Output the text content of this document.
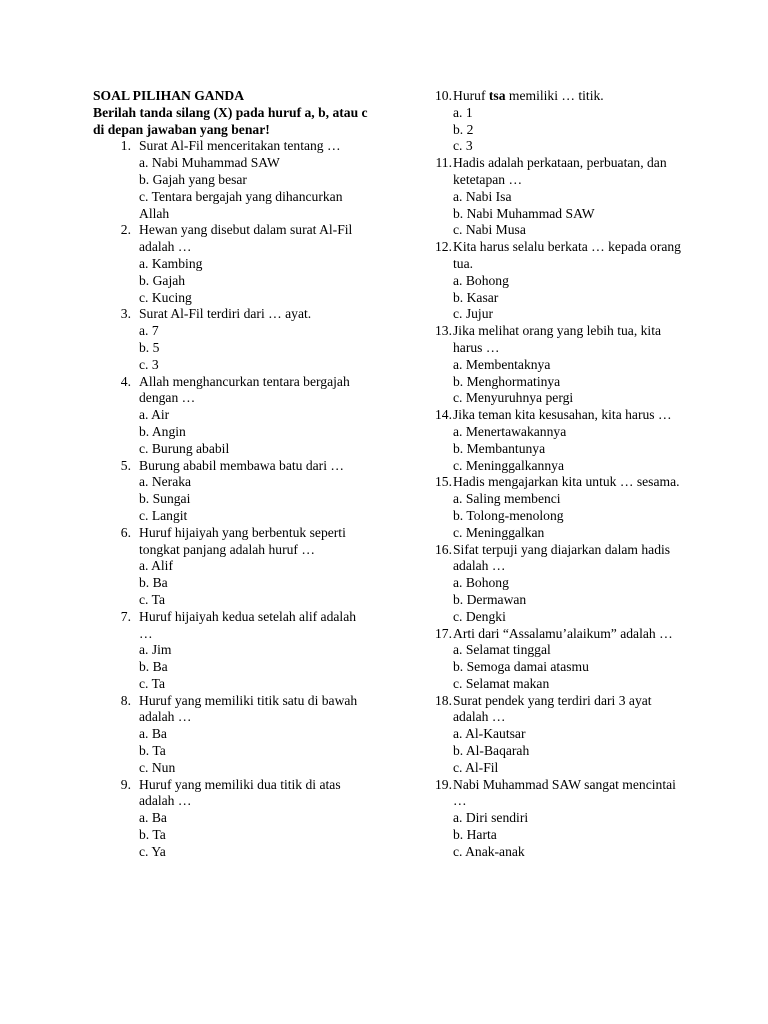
SOAL PILIHAN GANDA
Berilah tanda silang (X) pada huruf a, b, atau c di depan jawaban yang benar!
1. Surat Al-Fil menceritakan tentang …
a. Nabi Muhammad SAW
b. Gajah yang besar
c. Tentara bergajah yang dihancurkan Allah
2. Hewan yang disebut dalam surat Al-Fil adalah …
a. Kambing
b. Gajah
c. Kucing
3. Surat Al-Fil terdiri dari … ayat.
a. 7
b. 5
c. 3
4. Allah menghancurkan tentara bergajah dengan …
a. Air
b. Angin
c. Burung ababil
5. Burung ababil membawa batu dari …
a. Neraka
b. Sungai
c. Langit
6. Huruf hijaiyah yang berbentuk seperti tongkat panjang adalah huruf …
a. Alif
b. Ba
c. Ta
7. Huruf hijaiyah kedua setelah alif adalah …
a. Jim
b. Ba
c. Ta
8. Huruf yang memiliki titik satu di bawah adalah …
a. Ba
b. Ta
c. Nun
9. Huruf yang memiliki dua titik di atas adalah …
a. Ba
b. Ta
c. Ya
10. Huruf tsa memiliki … titik.
a. 1
b. 2
c. 3
11. Hadis adalah perkataan, perbuatan, dan ketetapan …
a. Nabi Isa
b. Nabi Muhammad SAW
c. Nabi Musa
12. Kita harus selalu berkata … kepada orang tua.
a. Bohong
b. Kasar
c. Jujur
13. Jika melihat orang yang lebih tua, kita harus …
a. Membentaknya
b. Menghormatinya
c. Menyuruhnya pergi
14. Jika teman kita kesusahan, kita harus …
a. Menertawakannya
b. Membantunya
c. Meninggalkannya
15. Hadis mengajarkan kita untuk … sesama.
a. Saling membenci
b. Tolong-menolong
c. Meninggalkan
16. Sifat terpuji yang diajarkan dalam hadis adalah …
a. Bohong
b. Dermawan
c. Dengki
17. Arti dari “Assalamu’alaikum” adalah …
a. Selamat tinggal
b. Semoga damai atasmu
c. Selamat makan
18. Surat pendek yang terdiri dari 3 ayat adalah …
a. Al-Kautsar
b. Al-Baqarah
c. Al-Fil
19. Nabi Muhammad SAW sangat mencintai …
a. Diri sendiri
b. Harta
c. Anak-anak
